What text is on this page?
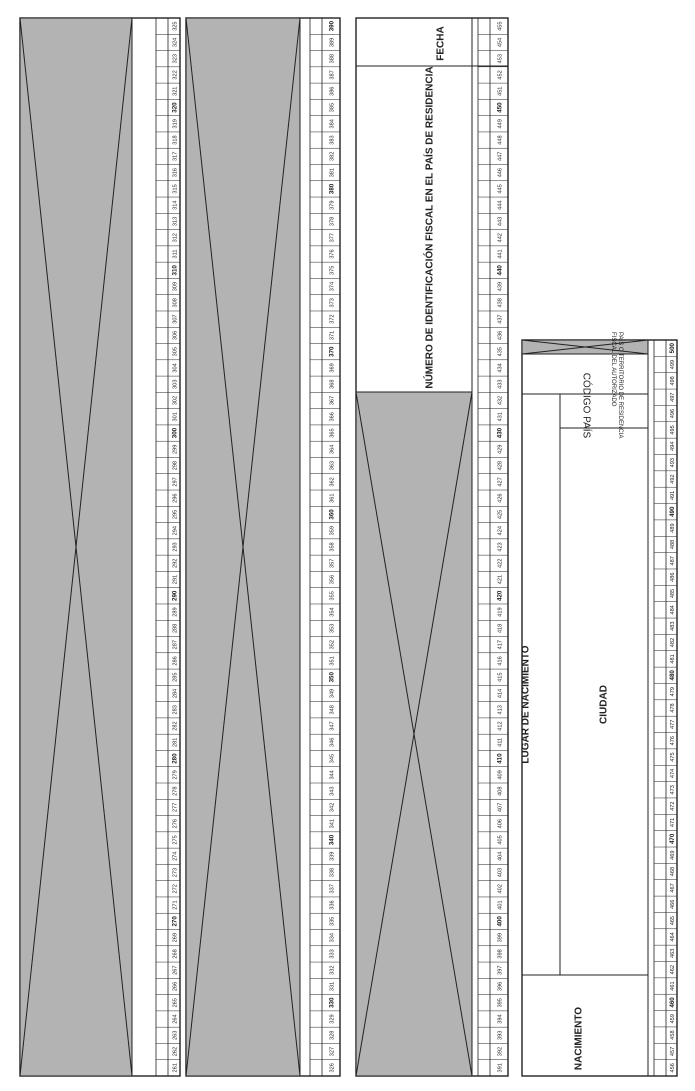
261
262
263
264
265
266
267
268
269
270
271
272
273
274
275
276
277
278
279
280
281
282
283
284
285
286
287
288
289
290
291
292
293
294
295
296
297
298
299
300
301
302
303
304
305
306
307
308
309
310
311
312
313
314
315
316
317
318
319
320
321
322
323
324
325
326
327
328
329
330
331
332
333
334
335
336
337
338
339
340
341
342
343
344
345
346
347
348
349
350
351
352
353
354
355
356
357
358
359
360
361
362
363
364
365
366
367
368
369
370
371
372
373
374
375
376
377
378
379
380
381
382
383
384
385
386
387
388
389
390
391
392
393
394
395
396
397
398
399
400
401
402
403
404
405
406
407
408
409
410
411
412
413
414
415
416
417
418
419
420
421
422
423
424
425
426
427
428
429
430
431
432
433
434
435
436
437
438
439
440
441
442
443
444
445
446
447
448
449
450
451
452
453
454
455
456
457
458
459
460
461
462
463
464
465
466
467
468
469
470
471
472
473
474
475
476
477
478
479
480
481
482
483
484
485
486
487
488
489
490
491
492
493
494
495
496
497
498
499
500
NÚMERO DE IDENTIFICACIÓN FISCAL EN EL PAÍS DE RESIDENCIA
FECHA
LUGAR DE NACIMIENTO	CIUDAD
NACIMIENTO
CÓDIGO PAÍS	PAÍS O TERRITORIO DE RESIDENCIA FISCAL DEL AUTORIZADO
